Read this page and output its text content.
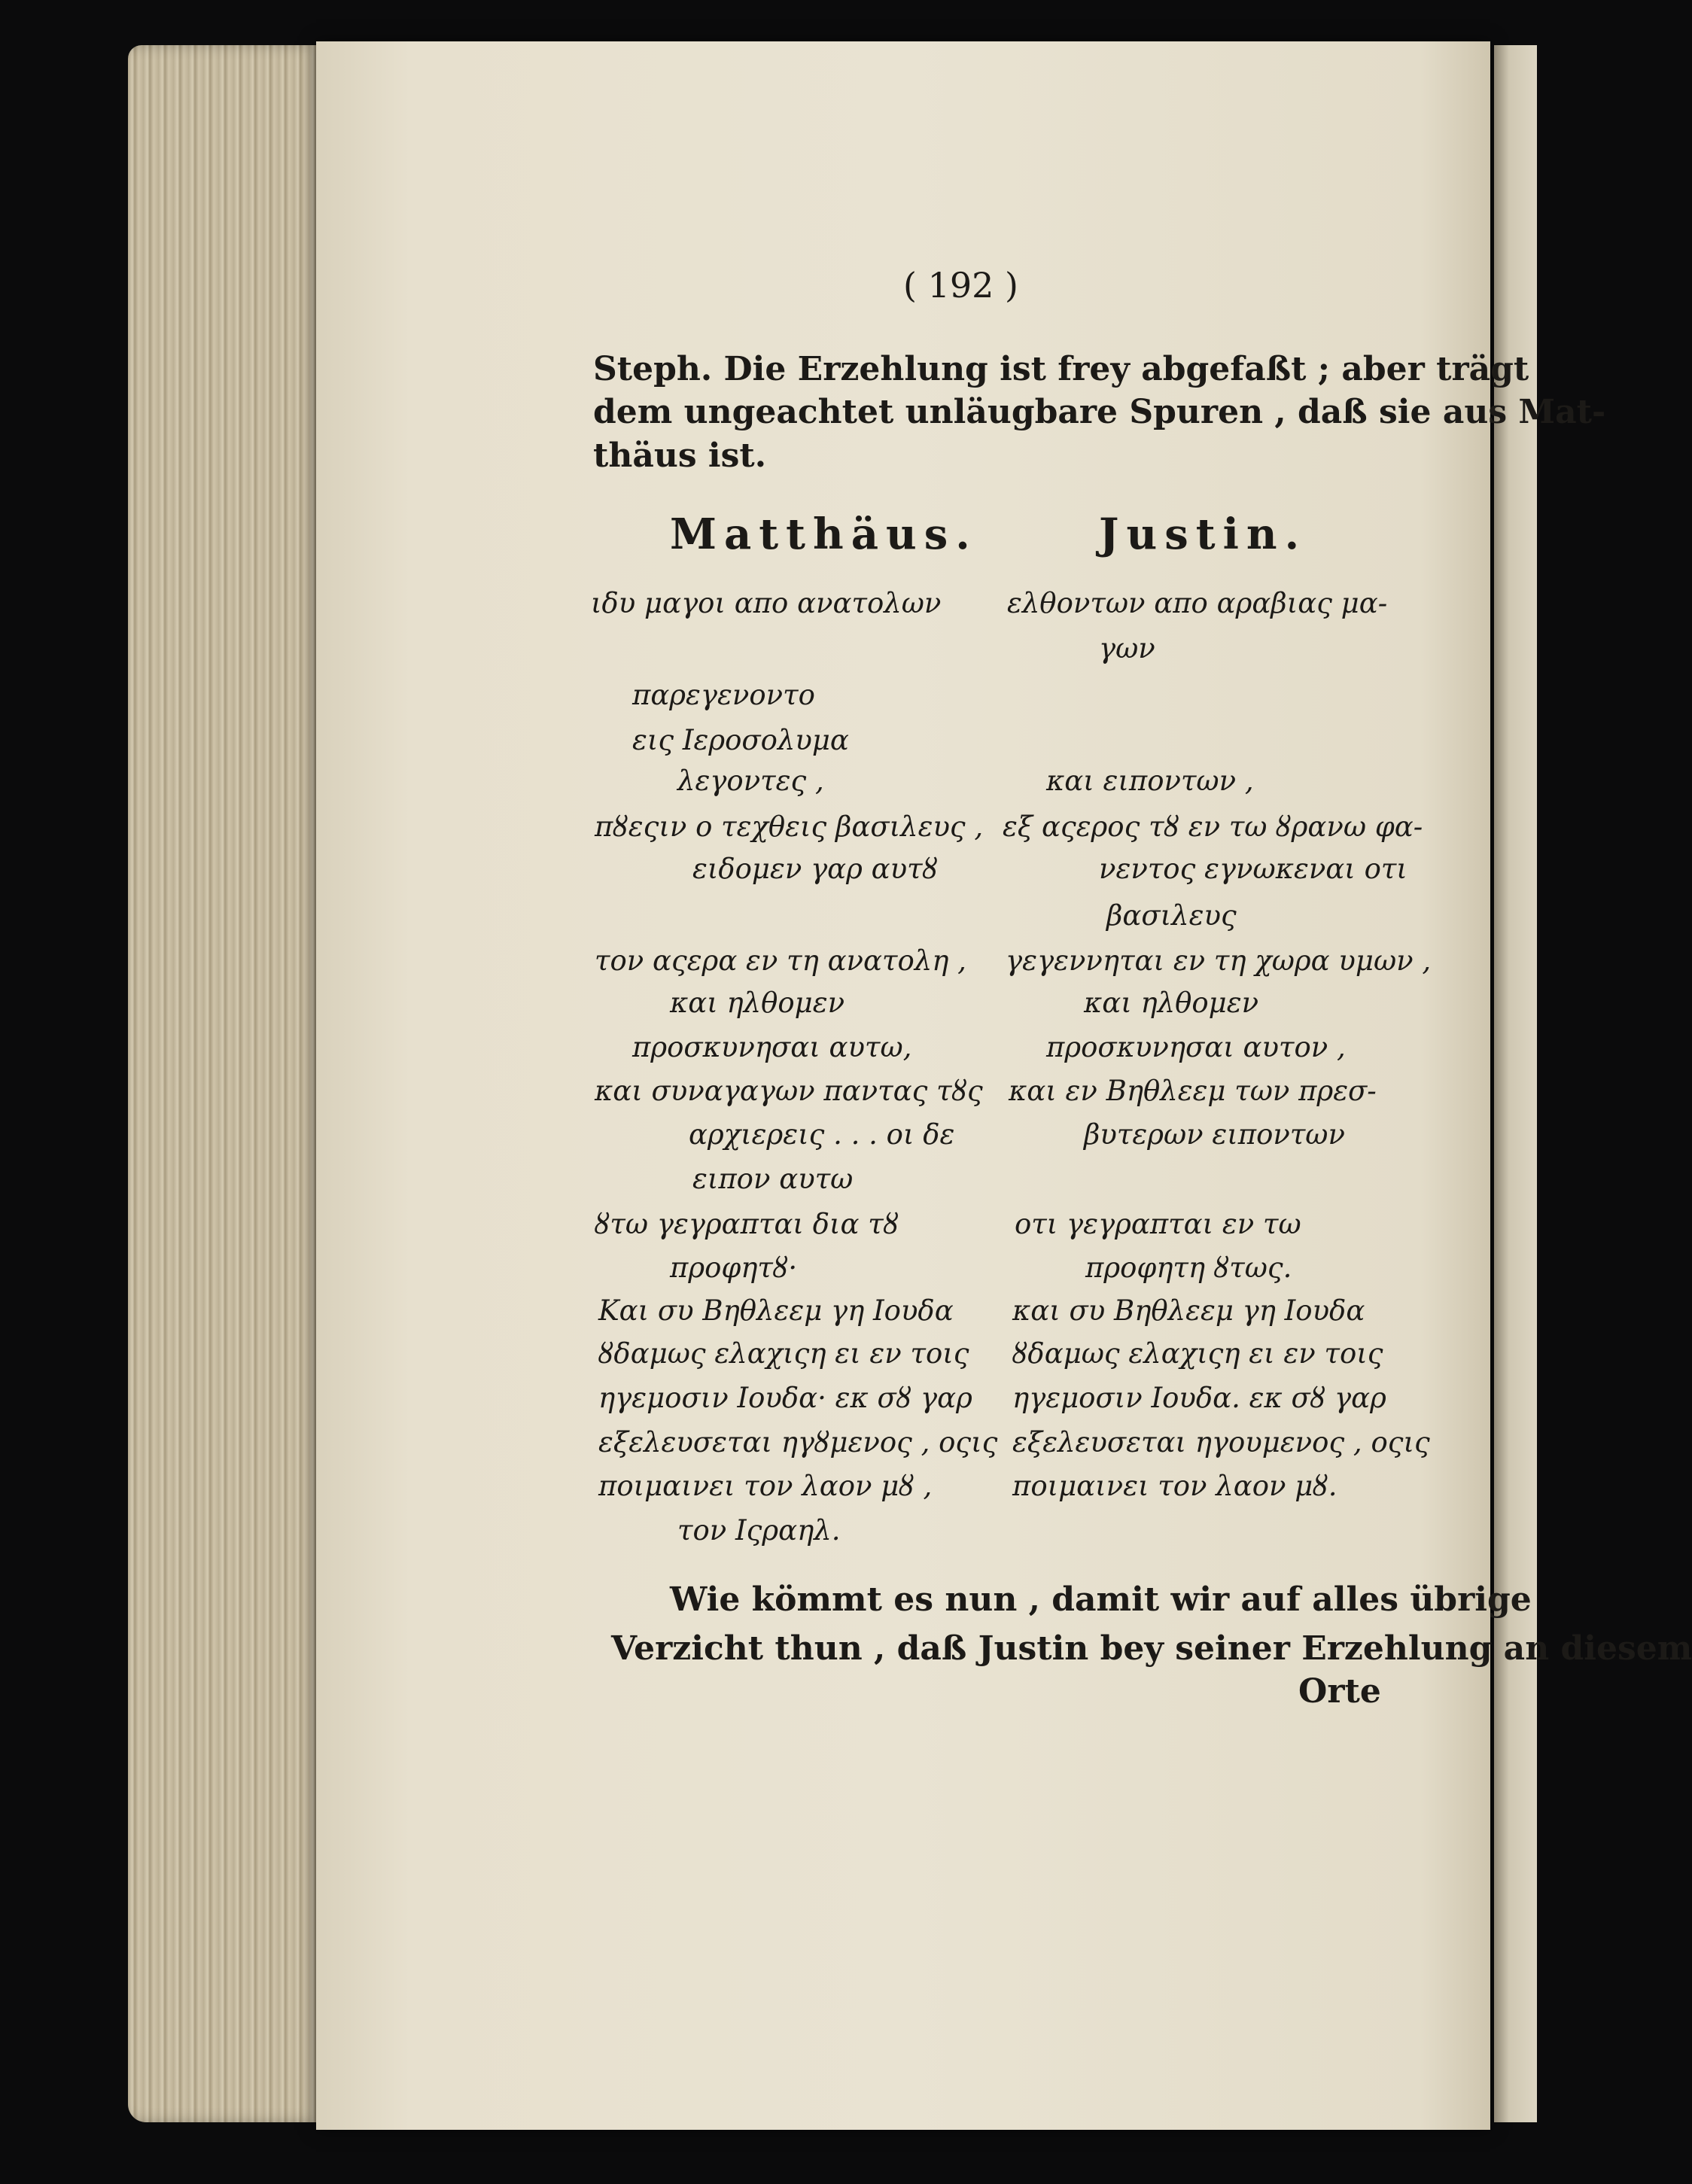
( 192 )
Steph. Die Erzehlung ist frey abgefaßt ; aber trägt
dem ungeachtet unläugbare Spuren , daß sie aus Mat-
thäus ist.
Matthäus.	Justin.
ιδυ μαγοι απο ανατολων
παρεγενοντο
εις Ιεροσολυμα
λεγοντες ,
πȣεςιν ο τεχθεις βασιλευς ,
ειδομεν γαρ αυτȣ
τον αςερα εν τη ανατολη ,
και ηλθομεν
προσκυνησαι αυτω,
και συναγαγων παντας τȣς
αρχιερεις . . . οι δε
ειπον αυτω
ȣτω γεγραπται δια τȣ
προφητȣ·
Και συ Βηθλεεμ γη Ιουδα
ȣδαμως ελαχιςη ει εν τοις
ηγεμοσιν Ιουδα· εκ σȣ γαρ
εξελευσεται ηγȣμενος , οςις
ποιμαινει τον λαον μȣ ,
τον Ιςραηλ.
ελθοντων απο αραβιας μα-
γων
και ειποντων ,
εξ αςερος τȣ εν τω ȣρανω φα-
νεντος εγνωκεναι οτι
βασιλευς
γεγεννηται εν τη χωρα υμων ,
και ηλθομεν
προσκυνησαι αυτον ,
και εν Βηθλεεμ των πρεσ-
βυτερων ειποντων
οτι γεγραπται εν τω
προφητη ȣτως.
και συ Βηθλεεμ γη Ιουδα
ȣδαμως ελαχιςη ει εν τοις
ηγεμοσιν Ιουδα. εκ σȣ γαρ
εξελευσεται ηγουμενος , οςις
ποιμαινει τον λαον μȣ.
Wie kömmt es nun , damit wir auf alles übrige
Verzicht thun , daß Justin bey seiner Erzehlung an diesem
Orte
